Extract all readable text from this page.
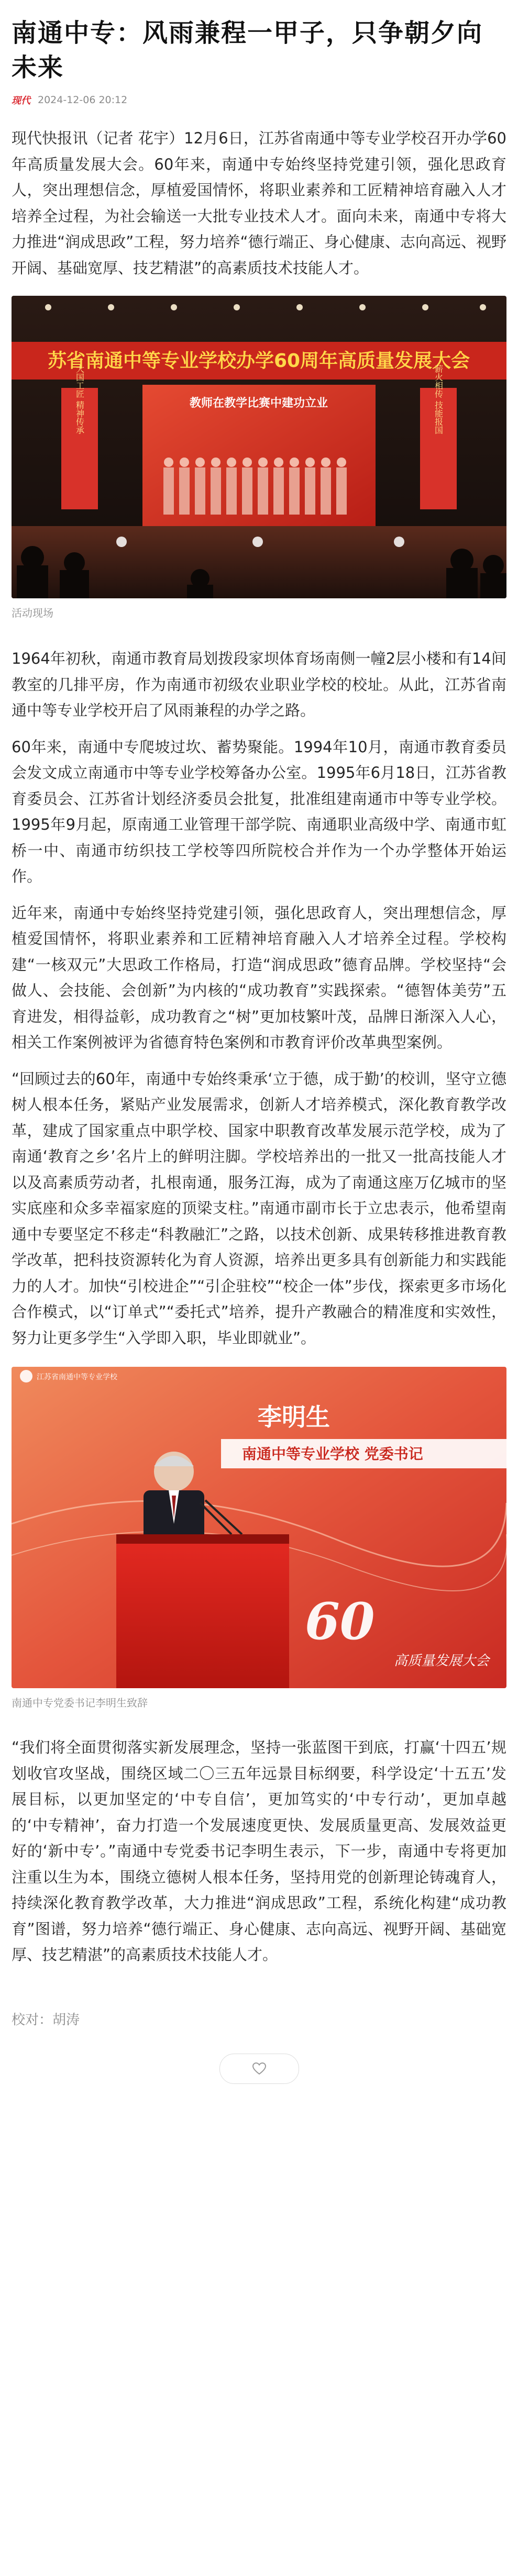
南通中专：风雨兼程一甲子，只争朝夕向未来
现代 2024-12-06 20:12

现代快报讯（记者 花宇）12月6日，江苏省南通中等专业学校召开办学60年高质量发展大会。60年来，南通中专始终坚持党建引领，强化思政育人，突出理想信念，厚植爱国情怀，将职业素养和工匠精神培育融入人才培养全过程，为社会输送一大批专业技术人才。面向未来，南通中专将大力推进“润成思政”工程，努力培养“德行端正、身心健康、志向高远、视野开阔、基础宽厚、技艺精湛”的高素质技术技能人才。

苏省南通中等专业学校办学60周年高质量发展大会
大国工匠 精神传承	薪火相传 技能报国
教师在教学比赛中建功立业
活动现场

1964年初秋，南通市教育局划拨段家坝体育场南侧一幢2层小楼和有14间教室的几排平房，作为南通市初级农业职业学校的校址。从此，江苏省南通中等专业学校开启了风雨兼程的办学之路。

60年来，南通中专爬坡过坎、蓄势聚能。1994年10月，南通市教育委员会发文成立南通市中等专业学校筹备办公室。1995年6月18日，江苏省教育委员会、江苏省计划经济委员会批复，批准组建南通市中等专业学校。1995年9月起，原南通工业管理干部学院、南通职业高级中学、南通市虹桥一中、南通市纺织技工学校等四所院校合并作为一个办学整体开始运作。

近年来，南通中专始终坚持党建引领，强化思政育人，突出理想信念，厚植爱国情怀，将职业素养和工匠精神培育融入人才培养全过程。学校构建“一核双元”大思政工作格局，打造“润成思政”德育品牌。学校坚持“会做人、会技能、会创新”为内核的“成功教育”实践探索。“德智体美劳”五育进发，相得益彰，成功教育之“树”更加枝繁叶茂，品牌日渐深入人心，相关工作案例被评为省德育特色案例和市教育评价改革典型案例。

“回顾过去的60年，南通中专始终秉承‘立于德，成于勤’的校训，坚守立德树人根本任务，紧贴产业发展需求，创新人才培养模式，深化教育教学改革，建成了国家重点中职学校、国家中职教育改革发展示范学校，成为了南通‘教育之乡’名片上的鲜明注脚。学校培养出的一批又一批高技能人才以及高素质劳动者，扎根南通，服务江海，成为了南通这座万亿城市的坚实底座和众多幸福家庭的顶梁支柱。”南通市副市长于立忠表示，他希望南通中专要坚定不移走“科教融汇”之路，以技术创新、成果转移推进教育教学改革，把科技资源转化为育人资源，培养出更多具有创新能力和实践能力的人才。加快“引校进企”“引企驻校”“校企一体”步伐，探索更多市场化合作模式，以“订单式”“委托式”培养，提升产教融合的精准度和实效性，努力让更多学生“入学即入职，毕业即就业”。

江苏省南通中等专业学校
李明生
南通中等专业学校 党委书记
60
高质量发展大会
南通中专党委书记李明生致辞

“我们将全面贯彻落实新发展理念，坚持一张蓝图干到底，打赢‘十四五’规划收官攻坚战，围绕区域二〇三五年远景目标纲要，科学设定‘十五五’发展目标，以更加坚定的‘中专自信’，更加笃实的‘中专行动’，更加卓越的‘中专精神’，奋力打造一个发展速度更快、发展质量更高、发展效益更好的‘新中专’。”南通中专党委书记李明生表示，下一步，南通中专将更加注重以生为本，围绕立德树人根本任务，坚持用党的创新理论铸魂育人，持续深化教育教学改革，大力推进“润成思政”工程，系统化构建“成功教育”图谱，努力培养“德行端正、身心健康、志向高远、视野开阔、基础宽厚、技艺精湛”的高素质技术技能人才。

校对：胡涛
